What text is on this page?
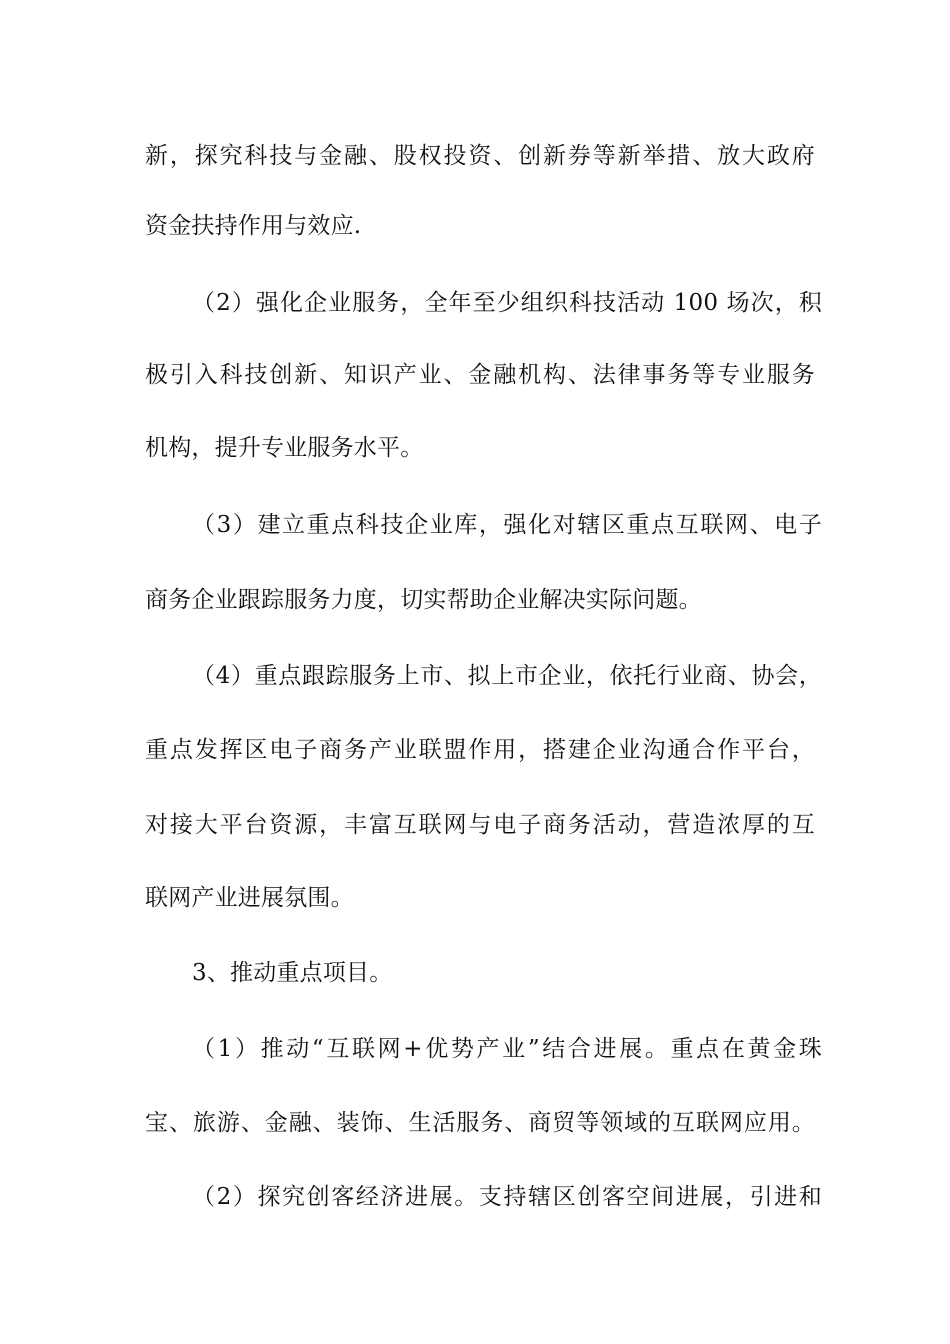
新，探究科技与金融、股权投资、创新券等新举措、放大政府
资金扶持作用与效应.
（2）强化企业服务，全年至少组织科技活动 100 场次，积
极引入科技创新、知识产业、金融机构、法律事务等专业服务
机构，提升专业服务水平。
（3）建立重点科技企业库，强化对辖区重点互联网、电子
商务企业跟踪服务力度，切实帮助企业解决实际问题。
（4）重点跟踪服务上市、拟上市企业，依托行业商、协会，
重点发挥区电子商务产业联盟作用，搭建企业沟通合作平台，
对接大平台资源，丰富互联网与电子商务活动，营造浓厚的互
联网产业进展氛围。
3、推动重点项目。
（1）推动“互联网+优势产业”结合进展。重点在黄金珠
宝、旅游、金融、装饰、生活服务、商贸等领域的互联网应用。
（2）探究创客经济进展。支持辖区创客空间进展，引进和
